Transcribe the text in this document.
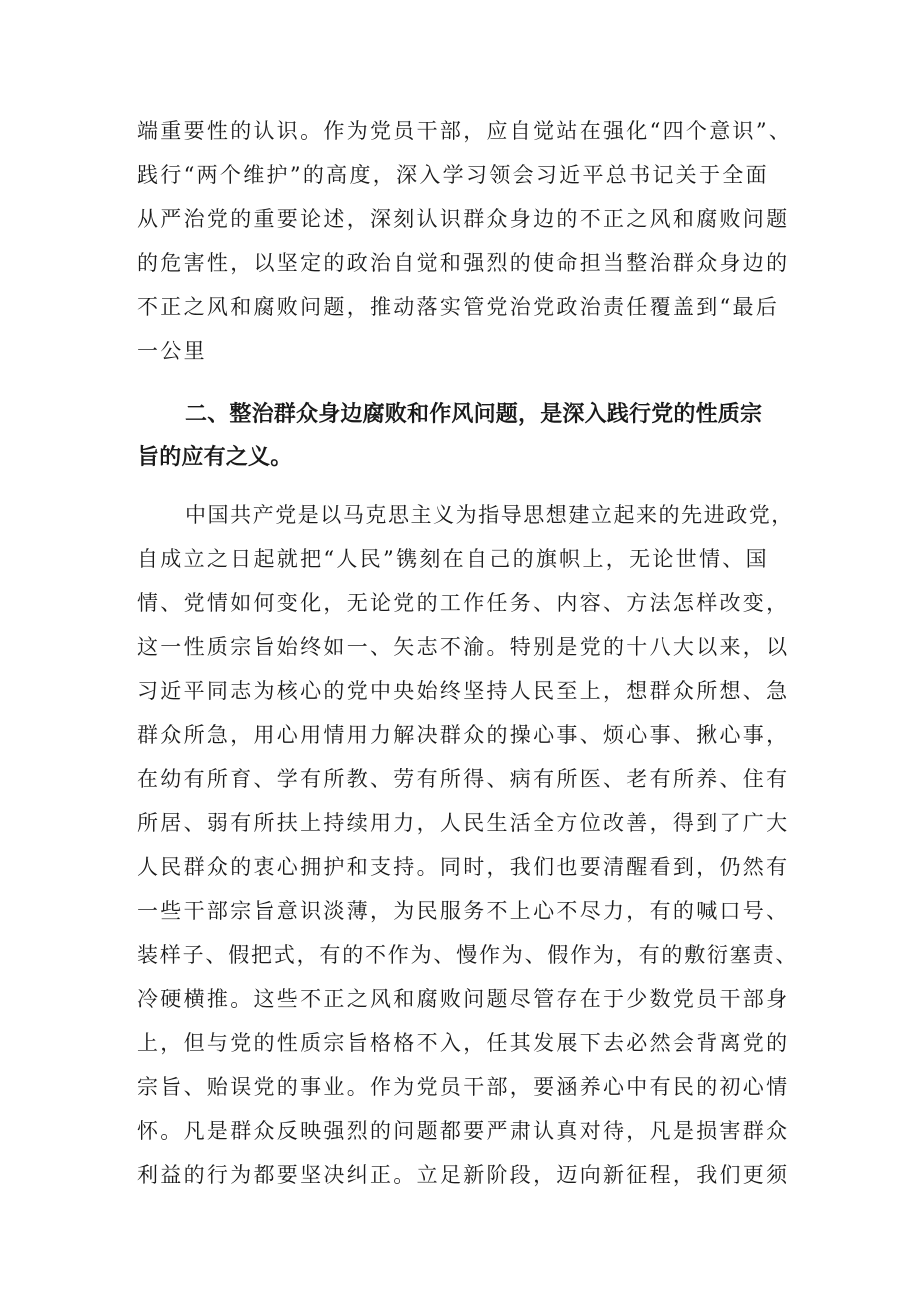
端重要性的认识。作为党员干部，应自觉站在强化“四个意识”、
践行“两个维护”的高度，深入学习领会习近平总书记关于全面
从严治党的重要论述，深刻认识群众身边的不正之风和腐败问题
的危害性，以坚定的政治自觉和强烈的使命担当整治群众身边的
不正之风和腐败问题，推动落实管党治党政治责任覆盖到“最后
一公里
二、整治群众身边腐败和作风问题，是深入践行党的性质宗
旨的应有之义。
中国共产党是以马克思主义为指导思想建立起来的先进政党，
自成立之日起就把“人民”镌刻在自己的旗帜上，无论世情、国
情、党情如何变化，无论党的工作任务、内容、方法怎样改变，
这一性质宗旨始终如一、矢志不渝。特别是党的十八大以来，以
习近平同志为核心的党中央始终坚持人民至上，想群众所想、急
群众所急，用心用情用力解决群众的操心事、烦心事、揪心事，
在幼有所育、学有所教、劳有所得、病有所医、老有所养、住有
所居、弱有所扶上持续用力，人民生活全方位改善，得到了广大
人民群众的衷心拥护和支持。同时，我们也要清醒看到，仍然有
一些干部宗旨意识淡薄，为民服务不上心不尽力，有的喊口号、
装样子、假把式，有的不作为、慢作为、假作为，有的敷衍塞责、
冷硬横推。这些不正之风和腐败问题尽管存在于少数党员干部身
上，但与党的性质宗旨格格不入，任其发展下去必然会背离党的
宗旨、贻误党的事业。作为党员干部，要涵养心中有民的初心情
怀。凡是群众反映强烈的问题都要严肃认真对待，凡是损害群众
利益的行为都要坚决纠正。立足新阶段，迈向新征程，我们更须
